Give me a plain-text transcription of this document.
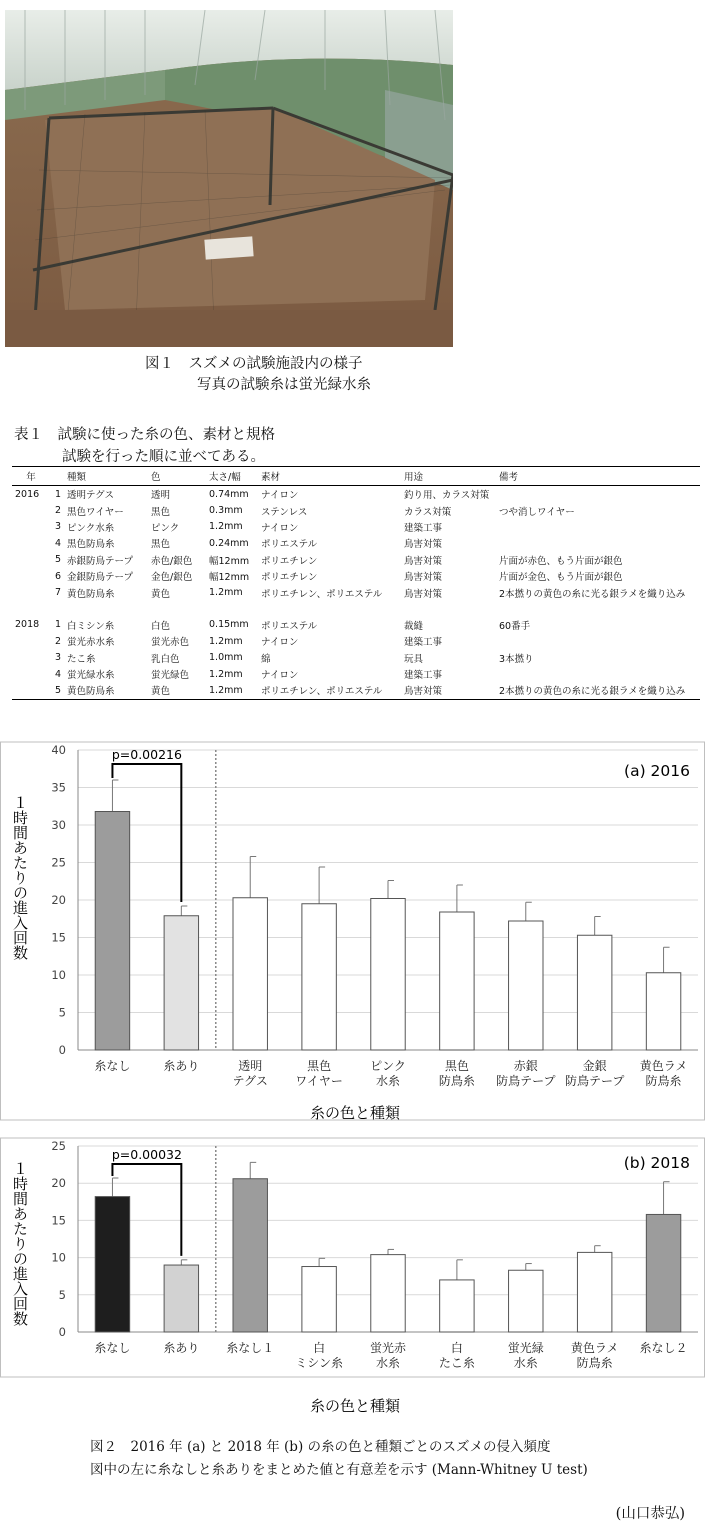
図１　スズメの試験施設内の様子
写真の試験糸は蛍光緑水糸
表１　試験に使った糸の色、素材と規格
試験を行った順に並べてある。
年		種類	色	太さ/幅	素材	用途	備考
2016	1	透明テグス	透明	0.74mm	ナイロン	釣り用、カラス対策	
	2	黒色ワイヤー	黒色	0.3mm	ステンレス	カラス対策	つや消しワイヤー
	3	ピンク水糸	ピンク	1.2mm	ナイロン	建築工事	
	4	黒色防鳥糸	黒色	0.24mm	ポリエステル	鳥害対策	
	5	赤銀防鳥テープ	赤色/銀色	幅12mm	ポリエチレン	鳥害対策	片面が赤色、もう片面が銀色
	6	金銀防鳥テープ	金色/銀色	幅12mm	ポリエチレン	鳥害対策	片面が金色、もう片面が銀色
	7	黄色防鳥糸	黄色	1.2mm	ポリエチレン、ポリエステル	鳥害対策	2本撚りの黄色の糸に光る銀ラメを織り込み

2018	1	白ミシン糸	白色	0.15mm	ポリエステル	裁縫	60番手
	2	蛍光赤水糸	蛍光赤色	1.2mm	ナイロン	建築工事	
	3	たこ糸	乳白色	1.0mm	綿	玩具	3本撚り
	4	蛍光緑水糸	蛍光緑色	1.2mm	ナイロン	建築工事	
	5	黄色防鳥糸	黄色	1.2mm	ポリエチレン、ポリエステル	鳥害対策	2本撚りの黄色の糸に光る銀ラメを織り込み
0
5
10
15
20
25
30
35
40
糸なし	糸あり	透明
テグス
黒色
ワイヤー
ピンク
水糸
黒色
防鳥糸
赤銀
防鳥テープ
金銀
防鳥テープ
黄色ラメ
防鳥糸
p=0.00216
(a) 2016
１時間あたりの進入回数
糸の色と種類
0
5
10
15
20
25
糸なし	糸あり 糸なし１	白
ミシン糸
蛍光赤
水糸
白
たこ糸
蛍光緑
水糸
黄色ラメ
防鳥糸
糸なし２
p=0.00032	(b) 2018
１時間あたりの進入回数
糸の色と種類
図２　2016 年 (a) と 2018 年 (b) の糸の色と種類ごとのスズメの侵入頻度
図中の左に糸なしと糸ありをまとめた値と有意差を示す (Mann-Whitney U test)
(山口恭弘)
